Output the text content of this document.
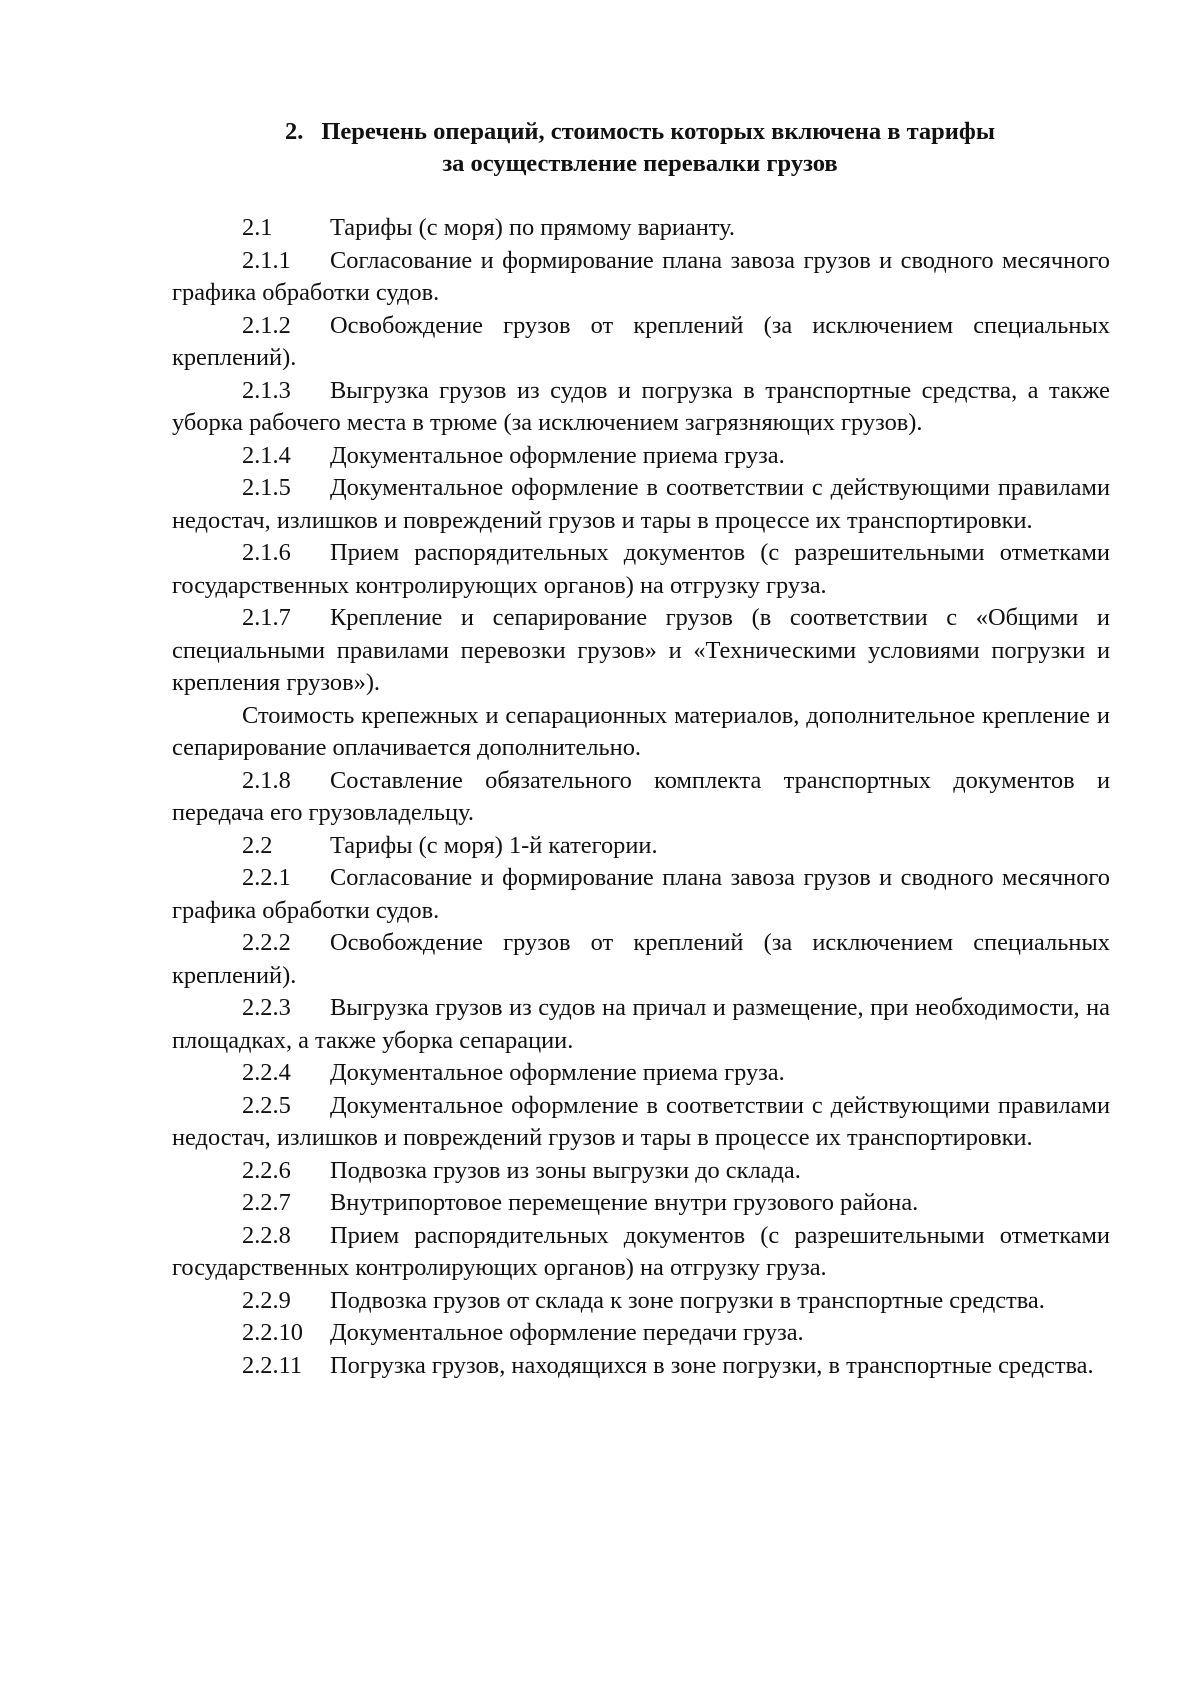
2. Перечень операций, стоимость которых включена в тарифы
за осуществление перевалки грузов

2.1 Тарифы (с моря) по прямому варианту.

2.1.1 Согласование и формирование плана завоза грузов и сводного месячного графика обработки судов.

2.1.2 Освобождение грузов от креплений (за исключением специальных креплений).

2.1.3 Выгрузка грузов из судов и погрузка в транспортные средства, а также уборка рабочего места в трюме (за исключением загрязняющих грузов).

2.1.4 Документальное оформление приема груза.

2.1.5 Документальное оформление в соответствии с действующими правилами недостач, излишков и повреждений грузов и тары в процессе их транспортировки.

2.1.6 Прием распорядительных документов (с разрешительными отметками государственных контролирующих органов) на отгрузку груза.

2.1.7 Крепление и сепарирование грузов (в соответствии с «Общими и специальными правилами перевозки грузов» и «Техническими условиями погрузки и крепления грузов»).

Стоимость крепежных и сепарационных материалов, дополнительное крепление и сепарирование оплачивается дополнительно.

2.1.8 Составление обязательного комплекта транспортных документов и передача его грузовладельцу.

2.2 Тарифы (с моря) 1-й категории.

2.2.1 Согласование и формирование плана завоза грузов и сводного месячного графика обработки судов.

2.2.2 Освобождение грузов от креплений (за исключением специальных креплений).

2.2.3 Выгрузка грузов из судов на причал и размещение, при необходимости, на площадках, а также уборка сепарации.

2.2.4 Документальное оформление приема груза.

2.2.5 Документальное оформление в соответствии с действующими правилами недостач, излишков и повреждений грузов и тары в процессе их транспортировки.

2.2.6 Подвозка грузов из зоны выгрузки до склада.

2.2.7 Внутрипортовое перемещение внутри грузового района.

2.2.8 Прием распорядительных документов (с разрешительными отметками государственных контролирующих органов) на отгрузку груза.

2.2.9 Подвозка грузов от склада к зоне погрузки в транспортные средства.

2.2.10 Документальное оформление передачи груза.

2.2.11 Погрузка грузов, находящихся в зоне погрузки, в транспортные средства.
